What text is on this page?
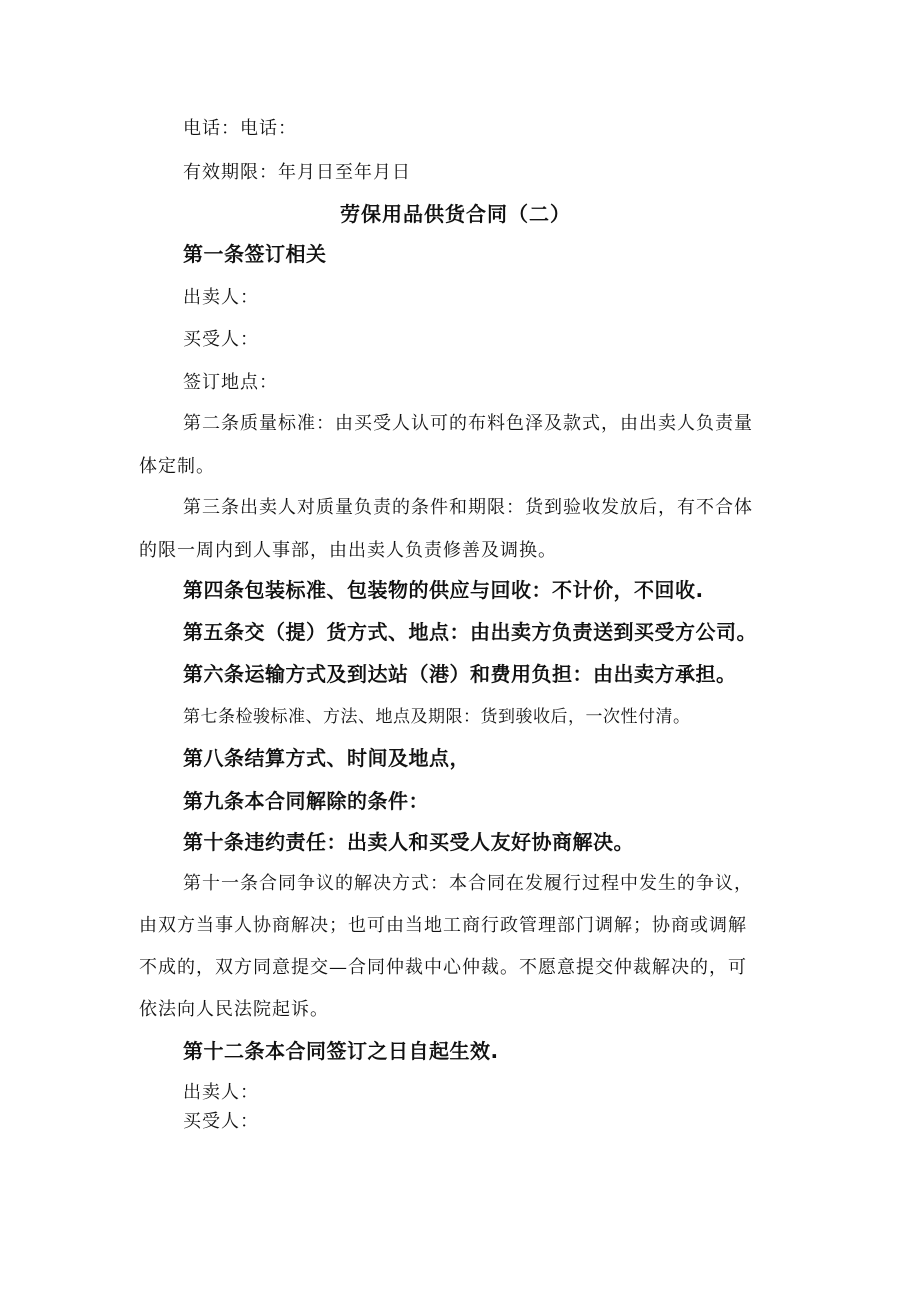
电话：电话：
有效期限：年月日至年月日
劳保用品供货合同（二）
第一条签订相关
出卖人：
买受人：
签订地点：
第二条质量标准：由买受人认可的布料色泽及款式，由出卖人负责量
体定制。
第三条出卖人对质量负责的条件和期限：货到验收发放后，有不合体
的限一周内到人事部，由出卖人负责修善及调换。
第四条包装标准、包装物的供应与回收：不计价，不回收.
第五条交（提）货方式、地点：由出卖方负责送到买受方公司。
第六条运输方式及到达站（港）和费用负担：由出卖方承担。
第七条检骏标准、方法、地点及期限：货到骏收后，一次性付清。
第八条结算方式、时间及地点，
第九条本合同解除的条件：
第十条违约责任：出卖人和买受人友好协商解决。
第十一条合同争议的解决方式：本合同在发履行过程中发生的争议，
由双方当事人协商解决；也可由当地工商行政管理部门调解；协商或调解
不成的，双方同意提交—合同仲裁中心仲裁。不愿意提交仲裁解决的，可
依法向人民法院起诉。
第十二条本合同签订之日自起生效.
出卖人：
买受人：
